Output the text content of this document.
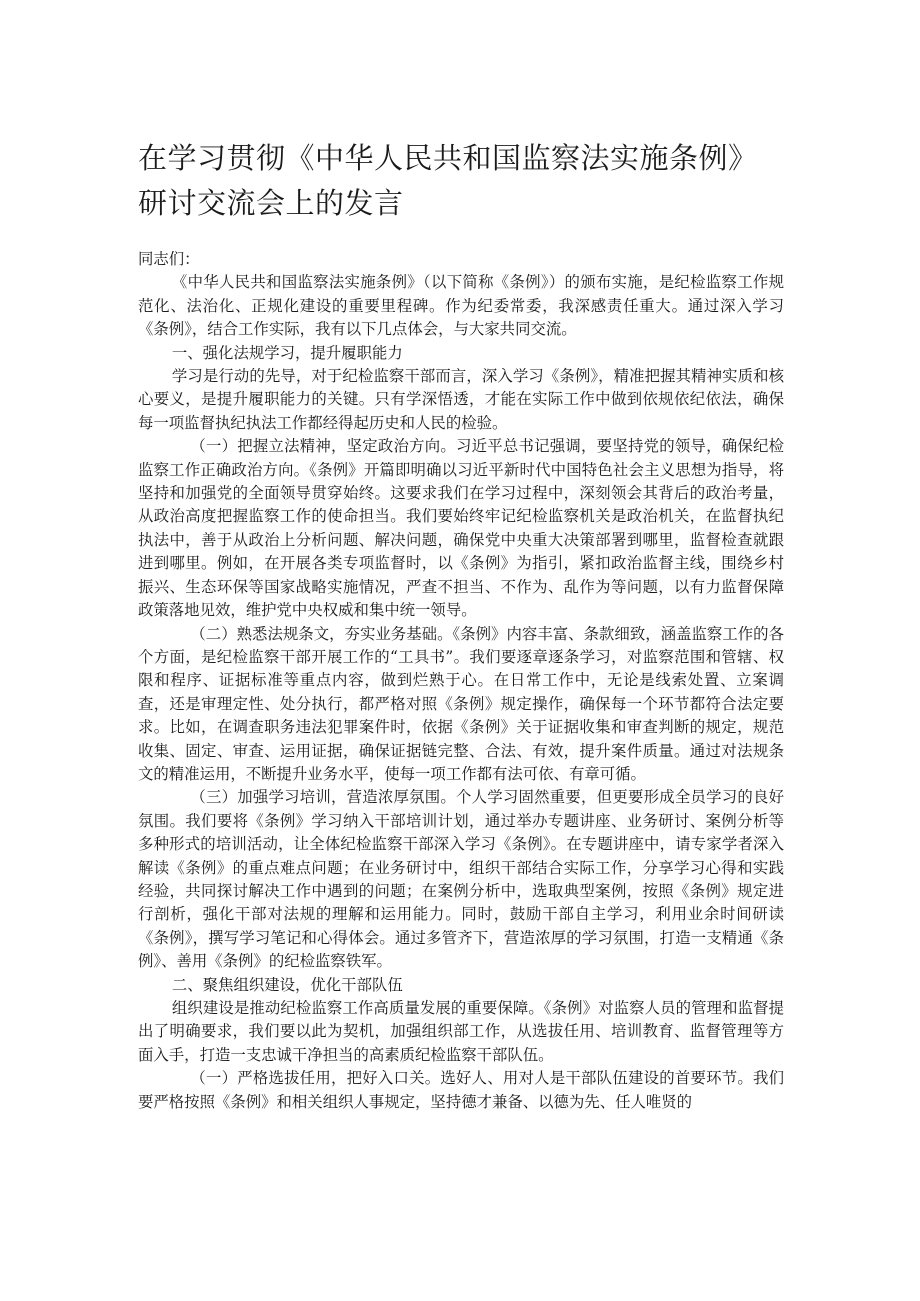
在学习贯彻《中华人民共和国监察法实施条例》研讨交流会上的发言

同志们：

《中华人民共和国监察法实施条例》（以下简称《条例》）的颁布实施，是纪检监察工作规范化、法治化、正规化建设的重要里程碑。作为纪委常委，我深感责任重大。通过深入学习《条例》，结合工作实际，我有以下几点体会，与大家共同交流。

一、强化法规学习，提升履职能力

学习是行动的先导，对于纪检监察干部而言，深入学习《条例》，精准把握其精神实质和核心要义，是提升履职能力的关键。只有学深悟透，才能在实际工作中做到依规依纪依法，确保每一项监督执纪执法工作都经得起历史和人民的检验。

（一）把握立法精神，坚定政治方向。习近平总书记强调，要坚持党的领导，确保纪检监察工作正确政治方向。《条例》开篇即明确以习近平新时代中国特色社会主义思想为指导，将坚持和加强党的全面领导贯穿始终。这要求我们在学习过程中，深刻领会其背后的政治考量，从政治高度把握监察工作的使命担当。我们要始终牢记纪检监察机关是政治机关，在监督执纪执法中，善于从政治上分析问题、解决问题，确保党中央重大决策部署到哪里，监督检查就跟进到哪里。例如，在开展各类专项监督时，以《条例》为指引，紧扣政治监督主线，围绕乡村振兴、生态环保等国家战略实施情况，严查不担当、不作为、乱作为等问题，以有力监督保障政策落地见效，维护党中央权威和集中统一领导。

（二）熟悉法规条文，夯实业务基础。《条例》内容丰富、条款细致，涵盖监察工作的各个方面，是纪检监察干部开展工作的“工具书”。我们要逐章逐条学习，对监察范围和管辖、权限和程序、证据标准等重点内容，做到烂熟于心。在日常工作中，无论是线索处置、立案调查，还是审理定性、处分执行，都严格对照《条例》规定操作，确保每一个环节都符合法定要求。比如，在调查职务违法犯罪案件时，依据《条例》关于证据收集和审查判断的规定，规范收集、固定、审查、运用证据，确保证据链完整、合法、有效，提升案件质量。通过对法规条文的精准运用，不断提升业务水平，使每一项工作都有法可依、有章可循。

（三）加强学习培训，营造浓厚氛围。个人学习固然重要，但更要形成全员学习的良好氛围。我们要将《条例》学习纳入干部培训计划，通过举办专题讲座、业务研讨、案例分析等多种形式的培训活动，让全体纪检监察干部深入学习《条例》。在专题讲座中，请专家学者深入解读《条例》的重点难点问题；在业务研讨中，组织干部结合实际工作，分享学习心得和实践经验，共同探讨解决工作中遇到的问题；在案例分析中，选取典型案例，按照《条例》规定进行剖析，强化干部对法规的理解和运用能力。同时，鼓励干部自主学习，利用业余时间研读《条例》，撰写学习笔记和心得体会。通过多管齐下，营造浓厚的学习氛围，打造一支精通《条例》、善用《条例》的纪检监察铁军。

二、聚焦组织建设，优化干部队伍

组织建设是推动纪检监察工作高质量发展的重要保障。《条例》对监察人员的管理和监督提出了明确要求，我们要以此为契机，加强组织部工作，从选拔任用、培训教育、监督管理等方面入手，打造一支忠诚干净担当的高素质纪检监察干部队伍。

（一）严格选拔任用，把好入口关。选好人、用对人是干部队伍建设的首要环节。我们要严格按照《条例》和相关组织人事规定，坚持德才兼备、以德为先、任人唯贤的
